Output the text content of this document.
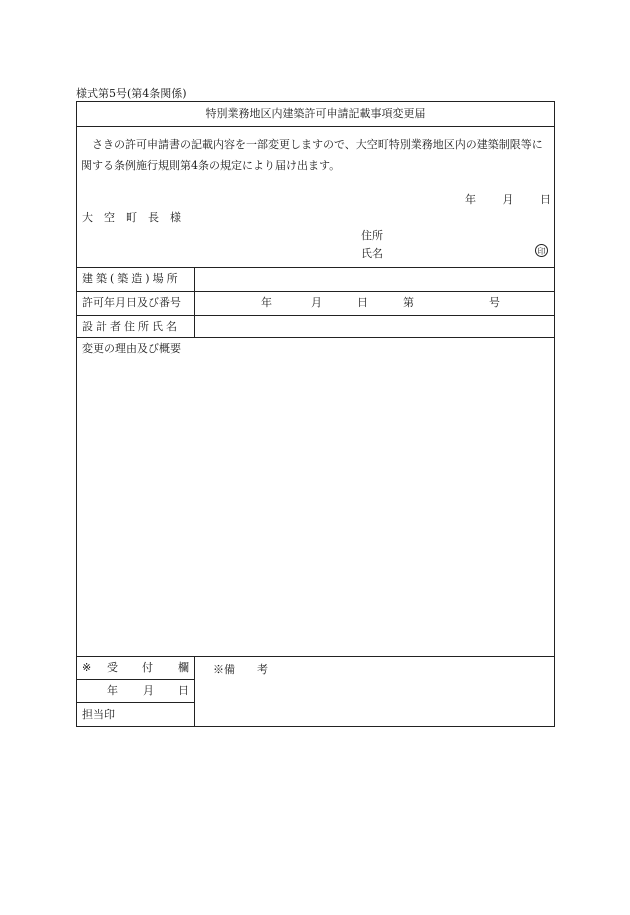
様式第5号(第4条関係)
特別業務地区内建築許可申請記載事項変更届
さきの許可申請書の記載内容を一部変更しますので、大空町特別業務地区内の建築制限等に関する条例施行規則第4条の規定により届け出ます。
年 月 日
大空町長様
住所
氏名	印
建築(築造)場所
許可年月日及び番号	年	月	日	第	号
設計者住所氏名
変更の理由及び概要
※ 受 付 欄
年 月 日
担当印
※備 考
